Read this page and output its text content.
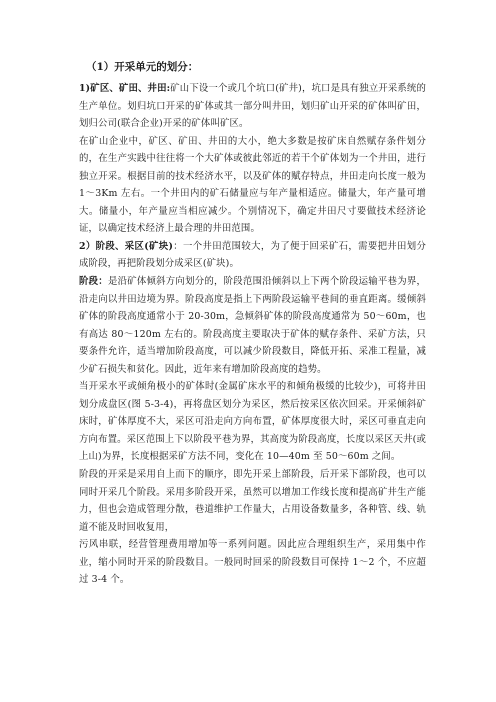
（1）开采单元的划分：
1)矿区、矿田、井田:矿山下设一个或几个坑口(矿井)，坑口是具有独立开采系统的生产单位。划归坑口开采的矿体或其一部分叫井田，划归矿山开采的矿体叫矿田，划归公司(联合企业)开采的矿体叫矿区。
在矿山企业中，矿区、矿田、井田的大小，绝大多数是按矿床自然赋存条件划分的，在生产实践中往往将一个大矿体或彼此邻近的若干个矿体划为一个井田，进行独立开采。根据目前的技术经济水平，以及矿体的赋存特点，井田走向长度一般为 1～3Km 左右。一个井田内的矿石储量应与年产量相适应。储量大，年产量可增大。储量小，年产量应当相应减少。个别情况下，确定井田尺寸要做技术经济论证，以确定技术经济上最合理的井田范围。
2）阶段、采区(矿块)：一个井田范围较大，为了便于回采矿石，需要把井田划分成阶段，再把阶段划分成采区(矿块)。
阶段：是沿矿体倾斜方向划分的，阶段范围沿倾斜以上下两个阶段运输平巷为界，沿走向以井田边境为界。阶段高度是指上下两阶段运输平巷间的垂直距离。缓倾斜矿体的阶段高度通常小于 20-30m，急倾斜矿体的阶段高度通常为 50～60m，也有高达 80～120m 左右的。阶段高度主要取决于矿体的赋存条件、采矿方法，只要条件允许，适当增加阶段高度，可以减少阶段数目，降低开拓、采准工程量，减少矿石损失和贫化。因此，近年来有增加阶段高度的趋势。
当开采水平或倾角极小的矿体时(金属矿床水平的和倾角极缓的比较少)，可将井田划分成盘区(图 5-3-4)，再将盘区划分为采区，然后按采区依次回采。开采倾斜矿床时，矿体厚度不大，采区可沿走向方向布置，矿体厚度很大时，采区可垂直走向方向布置。采区范围上下以阶段平巷为界，其高度为阶段高度，长度以采区天井(或上山)为界，长度根据采矿方法不同，变化在 10—40m 至 50～60m 之间。
阶段的开采是采用自上而下的顺序，即先开采上部阶段，后开采下部阶段，也可以同时开采几个阶段。采用多阶段开采，虽然可以增加工作线长度和提高矿井生产能力，但也会造成管理分散，巷道维护工作量大，占用设备数量多，各种管、线、轨道不能及时回收复用，
污风串联，经营管理费用增加等一系列问题。因此应合理组织生产，采用集中作业，缩小同时开采的阶段数目。一般同时回采的阶段数目可保持 1～2 个，不应超过 3-4 个。
